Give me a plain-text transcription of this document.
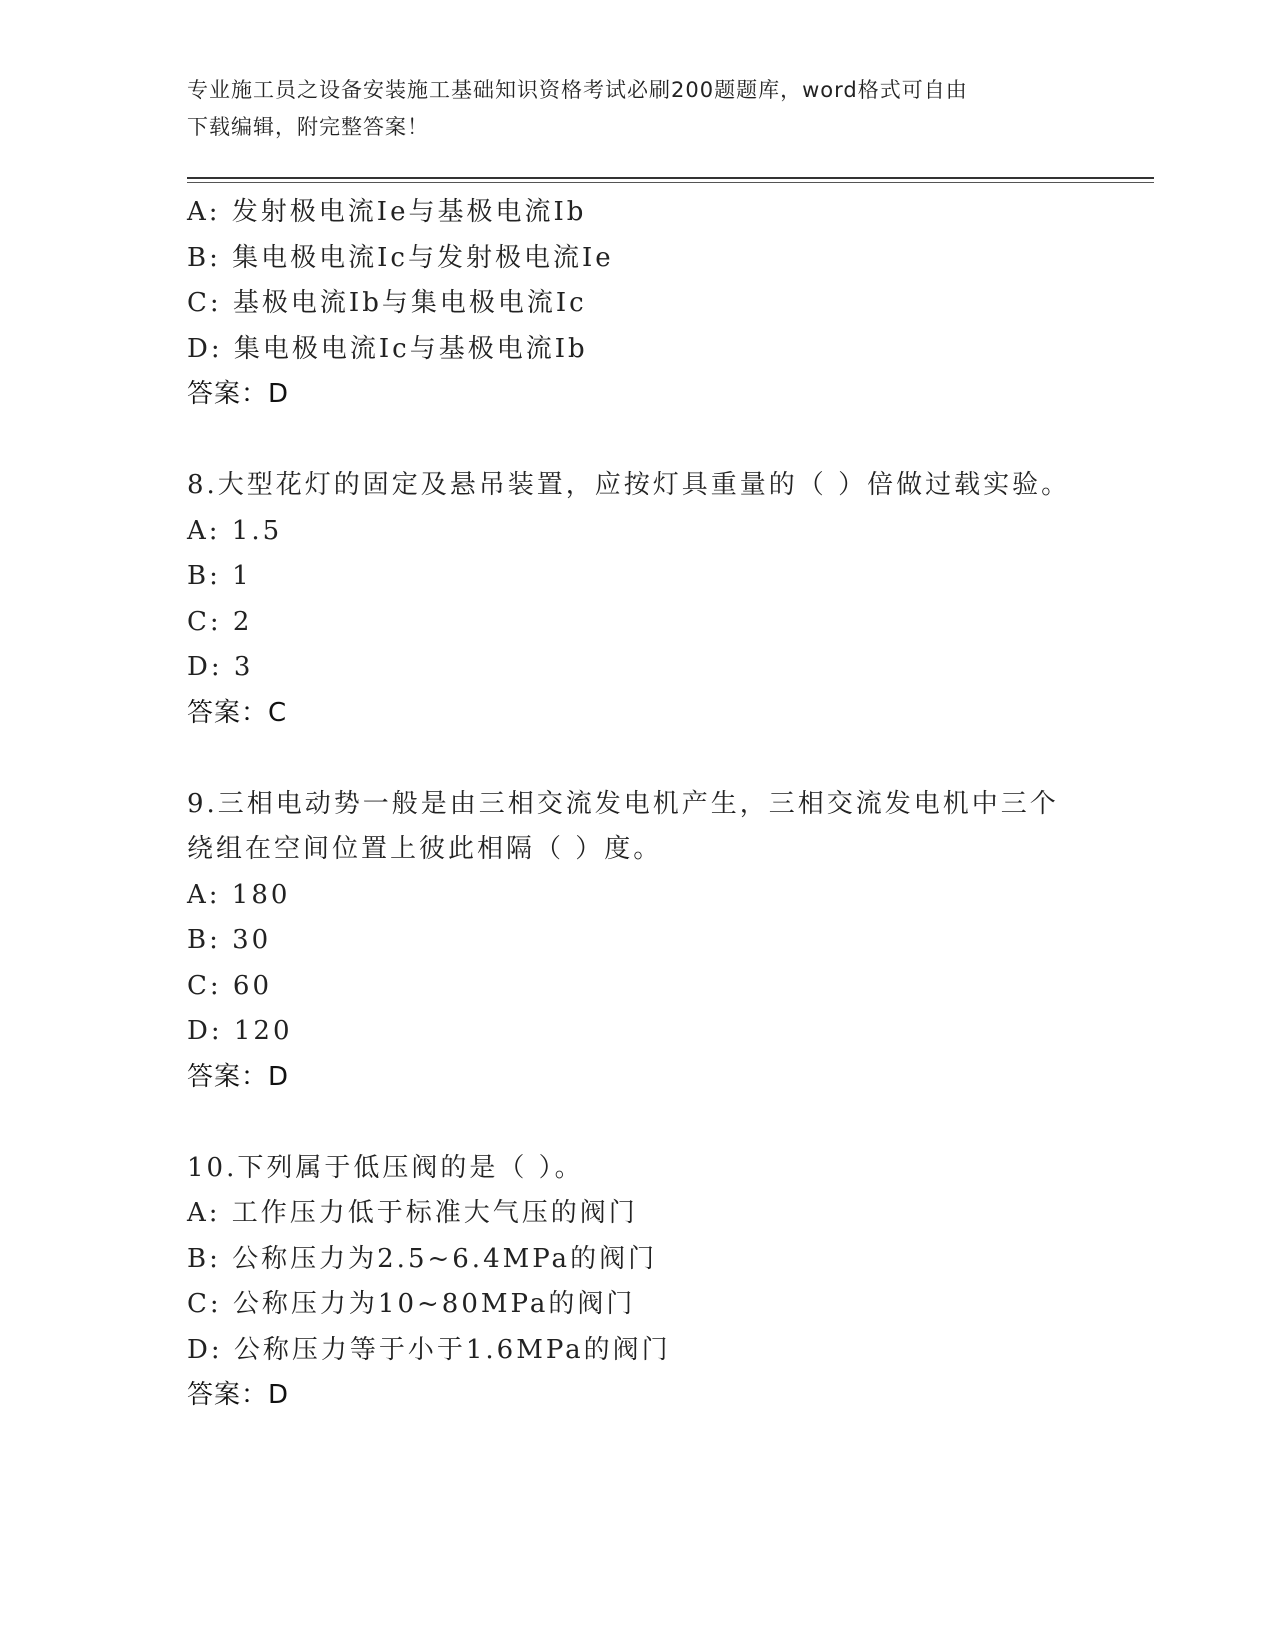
专业施工员之设备安装施工基础知识资格考试必刷200题题库，word格式可自由
下载编辑，附完整答案！
A: 发射极电流Ie与基极电流Ib
B: 集电极电流Ic与发射极电流Ie
C: 基极电流Ib与集电极电流Ic
D: 集电极电流Ic与基极电流Ib
答案：D
8.大型花灯的固定及悬吊装置，应按灯具重量的（ ）倍做过载实验。
A: 1.5
B: 1
C: 2
D: 3
答案：C
9.三相电动势一般是由三相交流发电机产生，三相交流发电机中三个
绕组在空间位置上彼此相隔（ ）度。
A: 180
B: 30
C: 60
D: 120
答案：D
10.下列属于低压阀的是（ ）。
A: 工作压力低于标准大气压的阀门
B: 公称压力为2.5~6.4MPa的阀门
C: 公称压力为10~80MPa的阀门
D: 公称压力等于小于1.6MPa的阀门
答案：D
